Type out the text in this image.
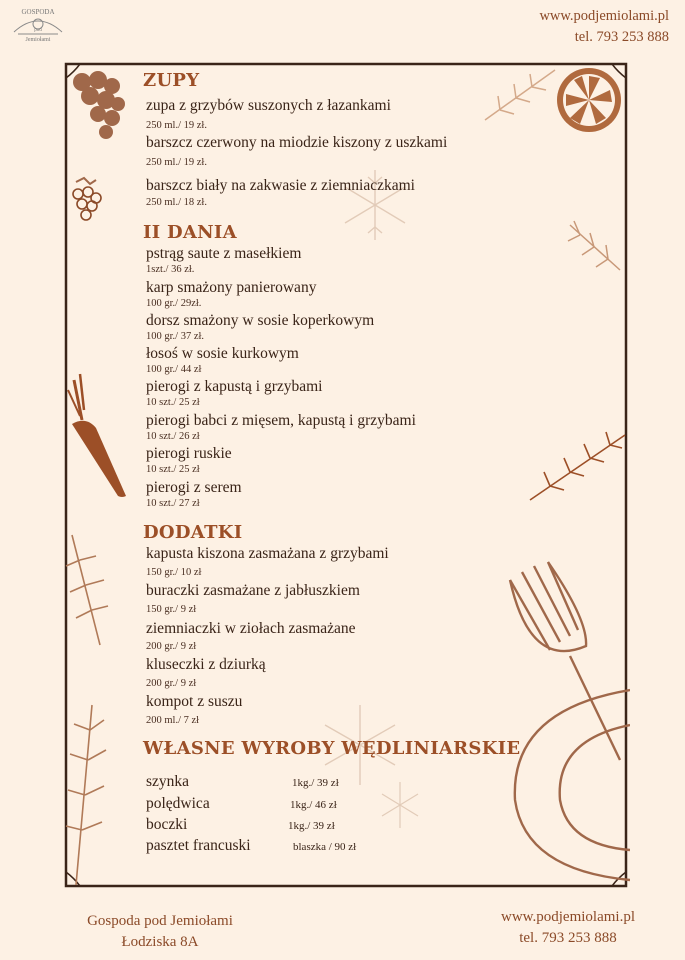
GOSPODA
pod
Jemiołami
www.podjemiolami.pl
tel. 793 253 888
ZUPY
zupa z grzybów suszonych z łazankami
250 ml./ 19 zł.
barszcz czerwony na miodzie kiszony z uszkami
250 ml./ 19 zł.
barszcz biały na zakwasie z ziemniaczkami
250 ml./ 18 zł.
II DANIA
pstrąg saute z masełkiem
1szt./ 36 zł.
karp smażony panierowany
100 gr./ 29zł.
dorsz smażony w sosie koperkowym
100 gr./ 37 zł.
łosoś w sosie kurkowym
100 gr./ 44 zł
pierogi z kapustą i grzybami
10 szt./ 25 zł
pierogi babci z mięsem, kapustą i grzybami
10 szt./ 26 zł
pierogi ruskie
10 szt./ 25 zł
pierogi z serem
10 szt./ 27 zł
DODATKI
kapusta kiszona zasmażana z grzybami
150 gr./ 10 zł
buraczki zasmażane z jabłuszkiem
150 gr./ 9 zł
ziemniaczki w ziołach zasmażane
200 gr./ 9 zł
kluseczki z dziurką
200 gr./ 9 zł
kompot z suszu
200 ml./ 7 zł
WŁASNE WYROBY WĘDLINIARSKIE
szynka	1kg./ 39 zł
polędwica	1kg./ 46 zł
boczki	1kg./ 39 zł
pasztet francuski	blaszka / 90 zł
Gospoda pod Jemiołami
Łodziska 8A
www.podjemiolami.pl
tel. 793 253 888
